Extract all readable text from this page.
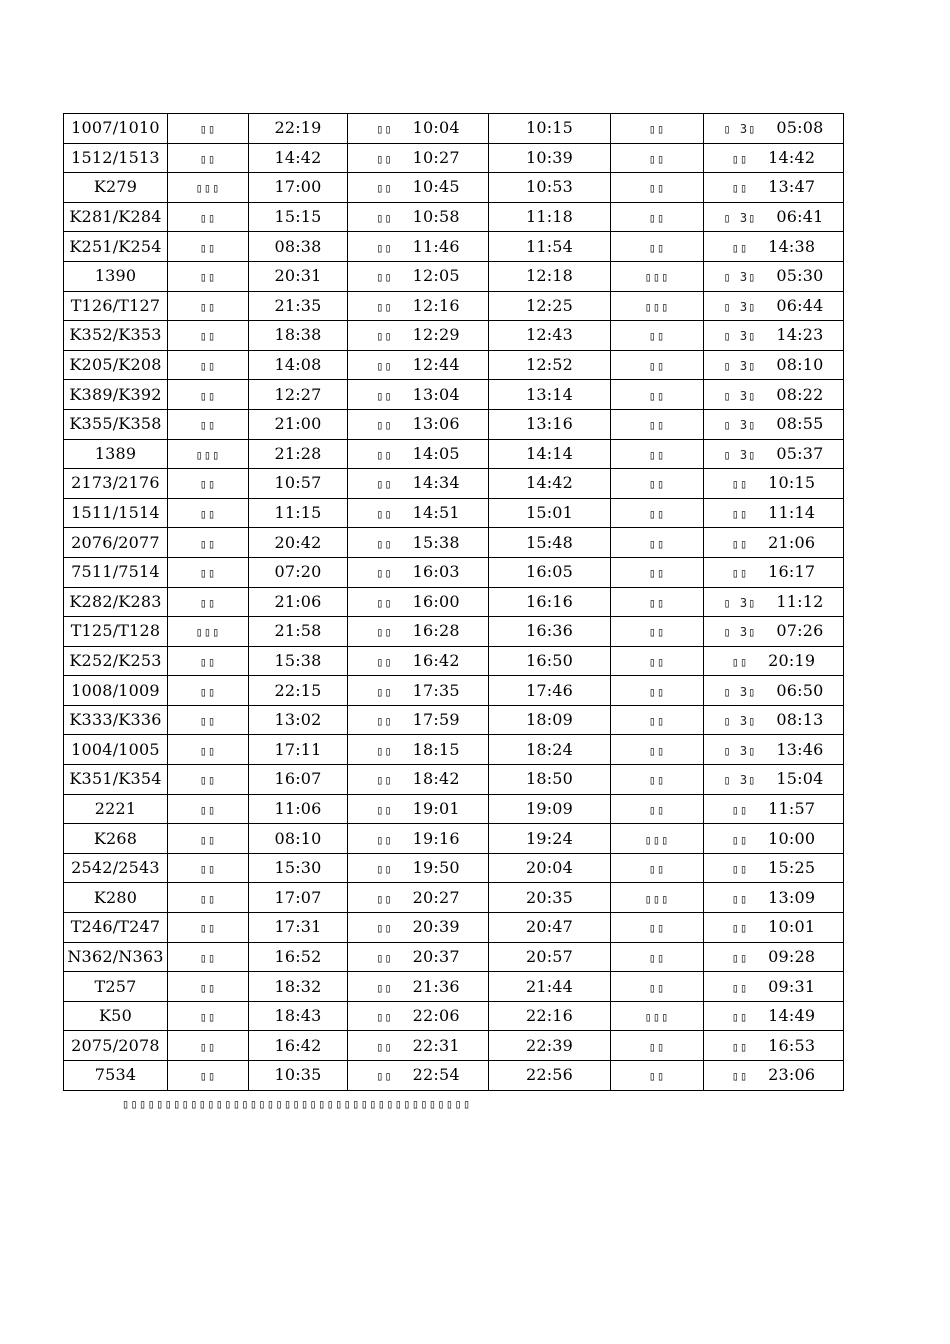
1007/1010	▯▯	22:19	▯▯ 10:04	10:15	▯▯	▯ 3▯ 05:08
1512/1513	▯▯	14:42	▯▯ 10:27	10:39	▯▯	▯▯ 14:42
K279	▯▯▯	17:00	▯▯ 10:45	10:53	▯▯	▯▯ 13:47
K281/K284	▯▯	15:15	▯▯ 10:58	11:18	▯▯	▯ 3▯ 06:41
K251/K254	▯▯	08:38	▯▯ 11:46	11:54	▯▯	▯▯ 14:38
1390	▯▯	20:31	▯▯ 12:05	12:18	▯▯▯	▯ 3▯ 05:30
T126/T127	▯▯	21:35	▯▯ 12:16	12:25	▯▯▯	▯ 3▯ 06:44
K352/K353	▯▯	18:38	▯▯ 12:29	12:43	▯▯	▯ 3▯ 14:23
K205/K208	▯▯	14:08	▯▯ 12:44	12:52	▯▯	▯ 3▯ 08:10
K389/K392	▯▯	12:27	▯▯ 13:04	13:14	▯▯	▯ 3▯ 08:22
K355/K358	▯▯	21:00	▯▯ 13:06	13:16	▯▯	▯ 3▯ 08:55
1389	▯▯▯	21:28	▯▯ 14:05	14:14	▯▯	▯ 3▯ 05:37
2173/2176	▯▯	10:57	▯▯ 14:34	14:42	▯▯	▯▯ 10:15
1511/1514	▯▯	11:15	▯▯ 14:51	15:01	▯▯	▯▯ 11:14
2076/2077	▯▯	20:42	▯▯ 15:38	15:48	▯▯	▯▯ 21:06
7511/7514	▯▯	07:20	▯▯ 16:03	16:05	▯▯	▯▯ 16:17
K282/K283	▯▯	21:06	▯▯ 16:00	16:16	▯▯	▯ 3▯ 11:12
T125/T128	▯▯▯	21:58	▯▯ 16:28	16:36	▯▯	▯ 3▯ 07:26
K252/K253	▯▯	15:38	▯▯ 16:42	16:50	▯▯	▯▯ 20:19
1008/1009	▯▯	22:15	▯▯ 17:35	17:46	▯▯	▯ 3▯ 06:50
K333/K336	▯▯	13:02	▯▯ 17:59	18:09	▯▯	▯ 3▯ 08:13
1004/1005	▯▯	17:11	▯▯ 18:15	18:24	▯▯	▯ 3▯ 13:46
K351/K354	▯▯	16:07	▯▯ 18:42	18:50	▯▯	▯ 3▯ 15:04
2221	▯▯	11:06	▯▯ 19:01	19:09	▯▯	▯▯ 11:57
K268	▯▯	08:10	▯▯ 19:16	19:24	▯▯▯	▯▯ 10:00
2542/2543	▯▯	15:30	▯▯ 19:50	20:04	▯▯	▯▯ 15:25
K280	▯▯	17:07	▯▯ 20:27	20:35	▯▯▯	▯▯ 13:09
T246/T247	▯▯	17:31	▯▯ 20:39	20:47	▯▯	▯▯ 10:01
N362/N363	▯▯	16:52	▯▯ 20:37	20:57	▯▯	▯▯ 09:28
T257	▯▯	18:32	▯▯ 21:36	21:44	▯▯	▯▯ 09:31
K50	▯▯	18:43	▯▯ 22:06	22:16	▯▯▯	▯▯ 14:49
2075/2078	▯▯	16:42	▯▯ 22:31	22:39	▯▯	▯▯ 16:53
7534	▯▯	10:35	▯▯ 22:54	22:56	▯▯	▯▯ 23:06
▯▯▯▯▯▯▯▯▯▯▯▯▯▯▯▯▯▯▯▯▯▯▯▯▯▯▯▯▯▯▯▯▯▯▯▯▯▯▯▯▯
